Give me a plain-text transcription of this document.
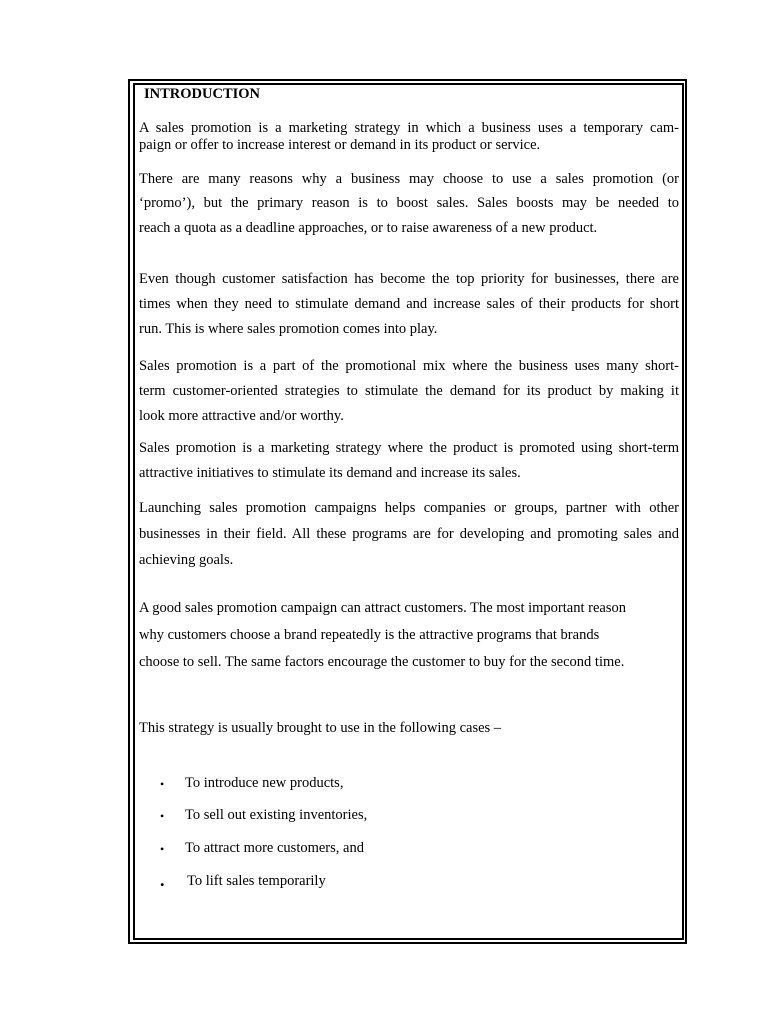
INTRODUCTION

A sales promotion is a marketing strategy in which a business uses a temporary cam-

paign or offer to increase interest or demand in its product or service.

There are many reasons why a business may choose to use a sales promotion (or

‘promo’), but the primary reason is to boost sales. Sales boosts may be needed to

reach a quota as a deadline approaches, or to raise awareness of a new product.

Even though customer satisfaction has become the top priority for businesses, there are

times when they need to stimulate demand and increase sales of their products for short

run. This is where sales promotion comes into play.

Sales promotion is a part of the promotional mix where the business uses many short-

term customer-oriented strategies to stimulate the demand for its product by making it

look more attractive and/or worthy.

Sales promotion is a marketing strategy where the product is promoted using short-term

attractive initiatives to stimulate its demand and increase its sales.

Launching sales promotion campaigns helps companies or groups, partner with other

businesses in their field. All these programs are for developing and promoting sales and

achieving goals.

A good sales promotion campaign can attract customers. The most important reason

why customers choose a brand repeatedly is the attractive programs that brands

choose to sell. The same factors encourage the customer to buy for the second time.

This strategy is usually brought to use in the following cases –

• To introduce new products,
• To sell out existing inventories,
• To attract more customers, and
. To lift sales temporarily
